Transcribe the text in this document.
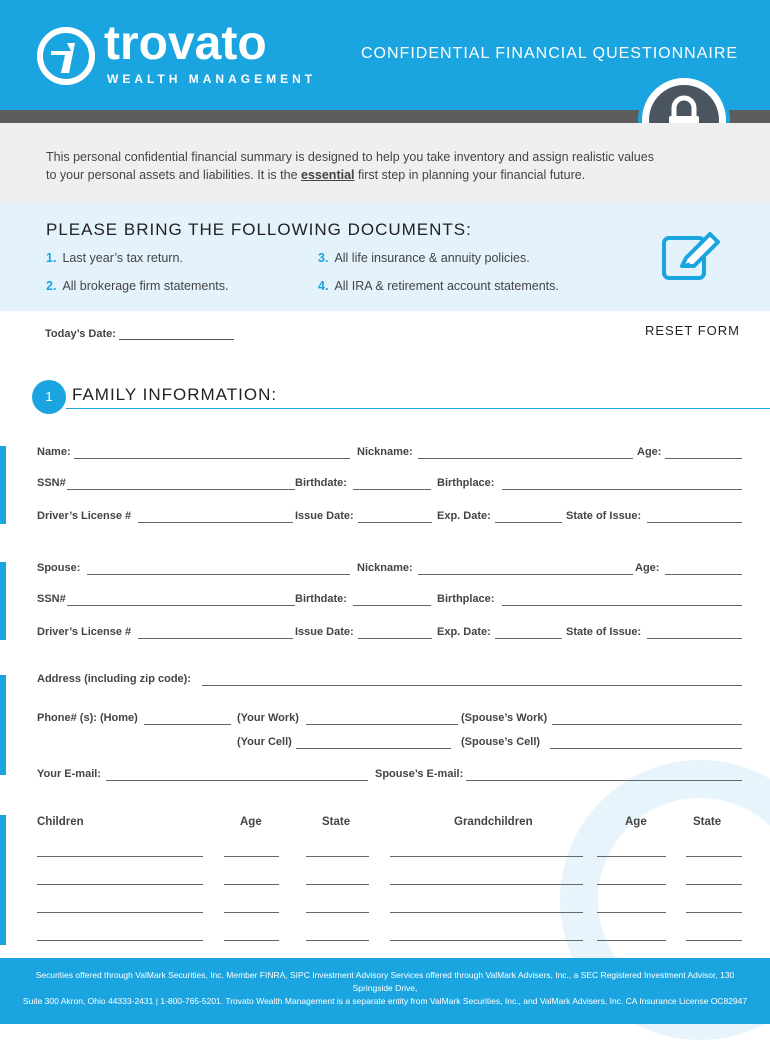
trovato
WEALTH MANAGEMENT
CONFIDENTIAL FINANCIAL QUESTIONNAIRE

This personal confidential financial summary is designed to help you take inventory and assign realistic values to your personal assets and liabilities. It is the essential first step in planning your financial future.

PLEASE BRING THE FOLLOWING DOCUMENTS:
1. Last year’s tax return.
2. All brokerage firm statements.
3. All life insurance & annuity policies.
4. All IRA & retirement account statements.
Today’s Date:	RESET FORM
1	FAMILY INFORMATION:
Name:	Nickname:	Age:
SSN#	Birthdate:	Birthplace:
Driver’s License #	Issue Date:	Exp. Date:	State of Issue:
Spouse:	Nickname:	Age:
SSN#	Birthdate:	Birthplace:
Driver’s License #	Issue Date:	Exp. Date:	State of Issue:
Address (including zip code):
Phone# (s): (Home)	(Your Work)	(Spouse’s Work)
(Your Cell)	(Spouse’s Cell)
Your E-mail:	Spouse’s E-mail:
Children	Age	State	Grandchildren	Age	State

Securities offered through ValMark Securities, Inc. Member FINRA, SIPC Investment Advisory Services offered through ValMark Advisers, Inc., a SEC Registered Investment Advisor, 130 Springside Drive,
Suite 300 Akron, Ohio 44333-2431 | 1-800-765-5201. Trovato Wealth Management is a separate entity from ValMark Securities, Inc., and ValMark Advisers, Inc. CA Insurance License OC82947
